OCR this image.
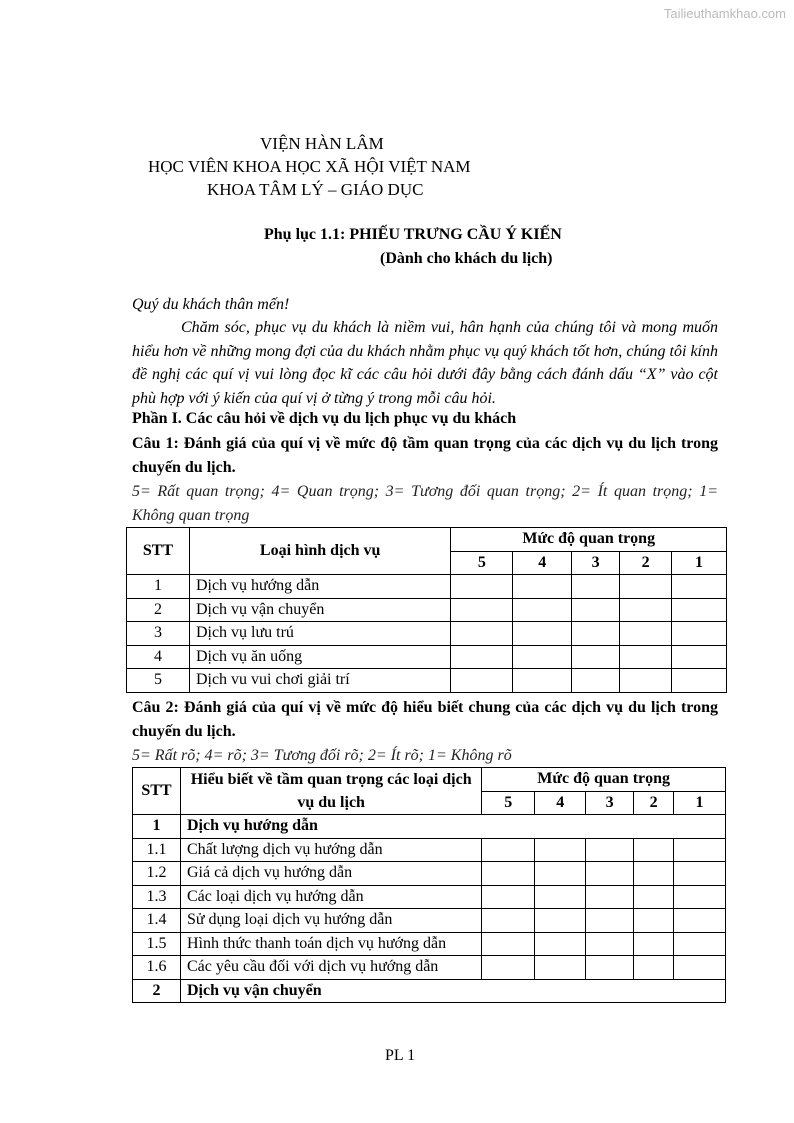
Tailieuthamkhao.com
VIỆN HÀN LÂM
HỌC VIÊN KHOA HỌC XÃ HỘI VIỆT NAM
KHOA TÂM LÝ – GIÁO DỤC
Phụ lục 1.1: PHIẾU TRƯNG CẦU Ý KIẾN
(Dành cho khách du lịch)
Quý du khách thân mến!
Chăm sóc, phục vụ du khách là niềm vui, hân hạnh của chúng tôi và mong muốn hiểu hơn về những mong đợi của du khách nhằm phục vụ quý khách tốt hơn, chúng tôi kính đề nghị các quí vị vui lòng đọc kĩ các câu hỏi dưới đây bằng cách đánh dấu “X” vào cột phù hợp với ý kiến của quí vị ở từng ý trong mỗi câu hỏi.
Phần I. Các câu hỏi về dịch vụ du lịch phục vụ du khách
Câu 1: Đánh giá của quí vị về mức độ tầm quan trọng của các dịch vụ du lịch trong chuyến du lịch.
5= Rất quan trọng; 4= Quan trọng; 3= Tương đối quan trọng; 2= Ít quan trọng; 1= Không quan trọng
STT	Loại hình dịch vụ	Mức độ quan trọng				
		5	4	3	2	1
1	Dịch vụ hướng dẫn					
2	Dịch vụ vận chuyển					
3	Dịch vụ lưu trú					
4	Dịch vụ ăn uống					
5	Dịch vu vui chơi giải trí					
Câu 2: Đánh giá của quí vị về mức độ hiểu biết chung của các dịch vụ du lịch trong chuyến du lịch.
5= Rất rõ; 4= rõ; 3= Tương đối rõ; 2= Ít rõ; 1= Không rõ
STT	Hiểu biết về tầm quan trọng các loại dịch vụ du lịch	Mức độ quan trọng				
		5	4	3	2	1
1	Dịch vụ hướng dẫn					
1.1	Chất lượng dịch vụ hướng dẫn					
1.2	Giá cả dịch vụ hướng dẫn					
1.3	Các loại dịch vụ hướng dẫn					
1.4	Sử dụng loại dịch vụ hướng dẫn					
1.5	Hình thức thanh toán dịch vụ hướng dẫn					
1.6	Các yêu cầu đối với dịch vụ hướng dẫn					
2	Dịch vụ vận chuyển					
PL 1
